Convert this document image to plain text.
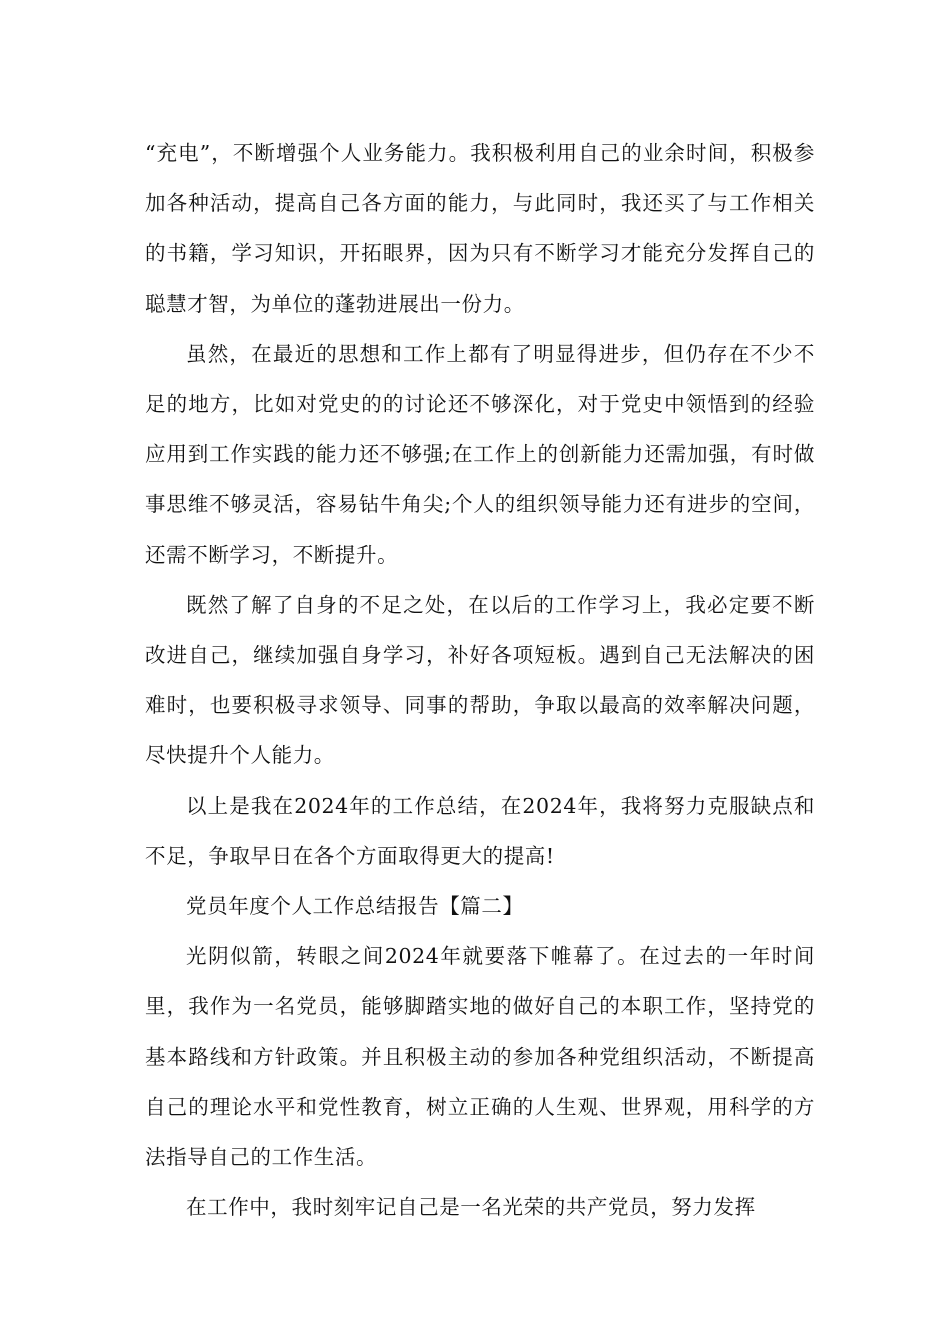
“充电”，不断增强个人业务能力。我积极利用自己的业余时间，积极参加各种活动，提高自己各方面的能力，与此同时，我还买了与工作相关的书籍，学习知识，开拓眼界，因为只有不断学习才能充分发挥自己的聪慧才智，为单位的蓬勃进展出一份力。

虽然，在最近的思想和工作上都有了明显得进步，但仍存在不少不足的地方，比如对党史的的讨论还不够深化，对于党史中领悟到的经验应用到工作实践的能力还不够强;在工作上的创新能力还需加强，有时做事思维不够灵活，容易钻牛角尖;个人的组织领导能力还有进步的空间，还需不断学习，不断提升。

既然了解了自身的不足之处，在以后的工作学习上，我必定要不断改进自己，继续加强自身学习，补好各项短板。遇到自己无法解决的困难时，也要积极寻求领导、同事的帮助，争取以最高的效率解决问题，尽快提升个人能力。

以上是我在2024年的工作总结，在2024年，我将努力克服缺点和不足，争取早日在各个方面取得更大的提高!

党员年度个人工作总结报告【篇二】

光阴似箭，转眼之间2024年就要落下帷幕了。在过去的一年时间里，我作为一名党员，能够脚踏实地的做好自己的本职工作，坚持党的基本路线和方针政策。并且积极主动的参加各种党组织活动，不断提高自己的理论水平和党性教育，树立正确的人生观、世界观，用科学的方法指导自己的工作生活。

在工作中，我时刻牢记自己是一名光荣的共产党员，努力发挥
